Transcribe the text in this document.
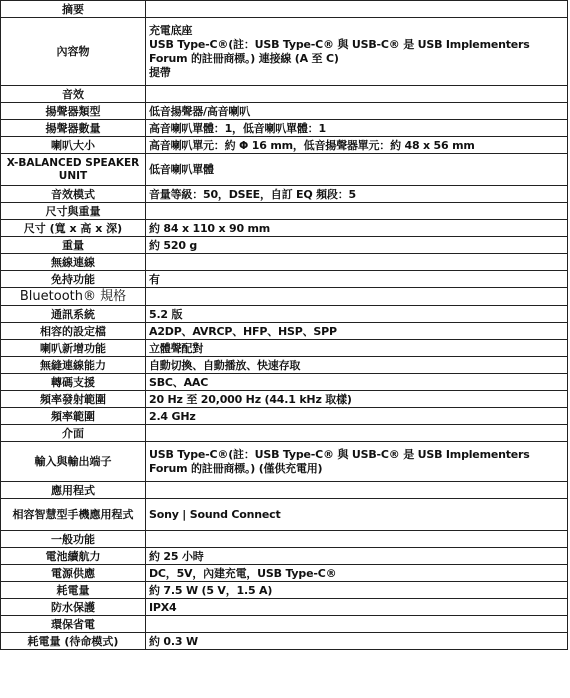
摘要	
內容物	充電底座
USB Type-C®(註：USB Type-C® 與 USB-C® 是 USB Implementers
Forum 的註冊商標。) 連接線 (A 至 C)
提帶

音效	
揚聲器類型	低音揚聲器/高音喇叭
揚聲器數量	高音喇叭單體：1，低音喇叭單體：1
喇叭大小	高音喇叭單元：約 Φ 16 mm，低音揚聲器單元：約 48 x 56 mm
X-BALANCED SPEAKER UNIT	低音喇叭單體
音效模式	音量等級：50，DSEE，自訂 EQ 頻段：5
尺寸與重量	
尺寸 (寬 x 高 x 深)	約 84 x 110 x 90 mm
重量	約 520 g
無線連線	
免持功能	有
Bluetooth® 規格	
通訊系統	5.2 版
相容的設定檔	A2DP、AVRCP、HFP、HSP、SPP
喇叭新增功能	立體聲配對
無縫連線能力	自動切換、自動播放、快速存取
轉碼支援	SBC、AAC
頻率發射範圍	20 Hz 至 20,000 Hz (44.1 kHz 取樣)
頻率範圍	2.4 GHz
介面	
輸入與輸出端子	USB Type-C®(註：USB Type-C® 與 USB-C® 是 USB Implementers
Forum 的註冊商標。) (僅供充電用)

應用程式	
相容智慧型手機應用程式	Sony | Sound Connect
一般功能	
電池續航力	約 25 小時
電源供應	DC，5V，內建充電，USB Type-C®
耗電量	約 7.5 W (5 V，1.5 A)
防水保護	IPX4
環保省電	
耗電量 (待命模式)	約 0.3 W
